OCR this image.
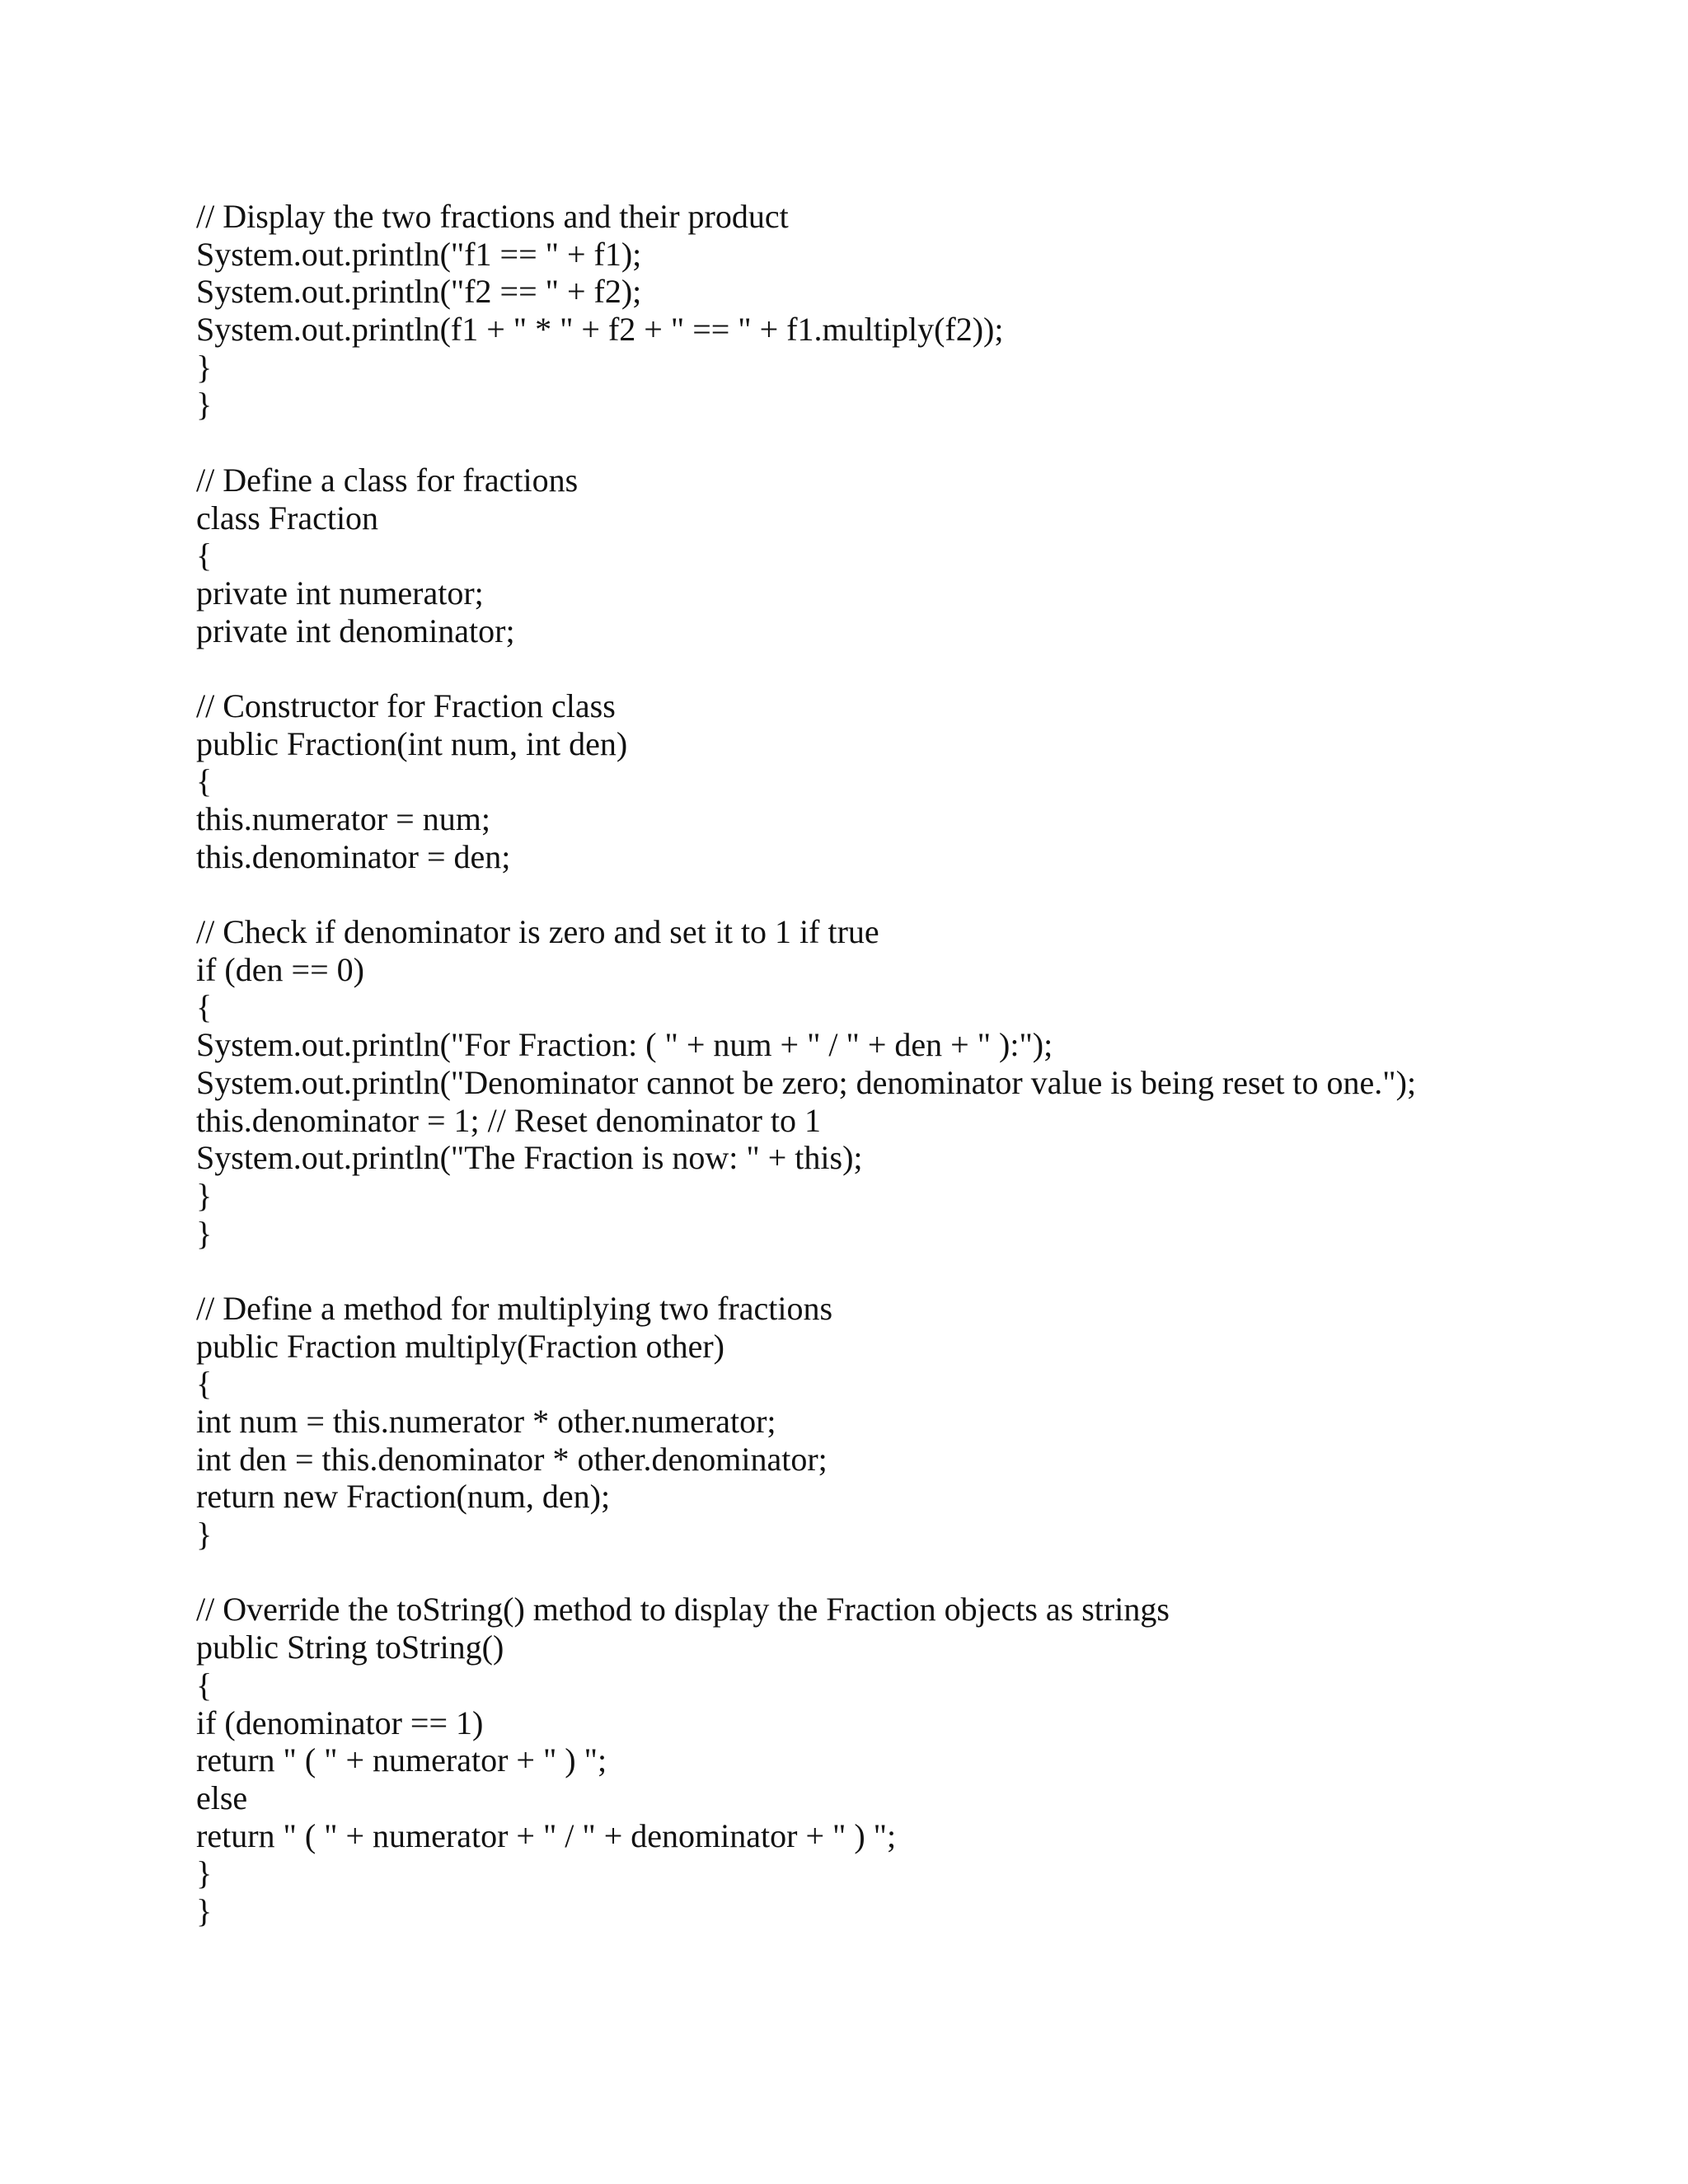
// Display the two fractions and their product
System.out.println("f1 == " + f1);
System.out.println("f2 == " + f2);
System.out.println(f1 + " * " + f2 + " == " + f1.multiply(f2));
}
}
// Define a class for fractions
class Fraction
{
private int numerator;
private int denominator;
// Constructor for Fraction class
public Fraction(int num, int den)
{
this.numerator = num;
this.denominator = den;
// Check if denominator is zero and set it to 1 if true
if (den == 0)
{
System.out.println("For Fraction: ( " + num + " / " + den + " ):");
System.out.println("Denominator cannot be zero; denominator value is being reset to one.");
this.denominator = 1; // Reset denominator to 1
System.out.println("The Fraction is now: " + this);
}
}
// Define a method for multiplying two fractions
public Fraction multiply(Fraction other)
{
int num = this.numerator * other.numerator;
int den = this.denominator * other.denominator;
return new Fraction(num, den);
}
// Override the toString() method to display the Fraction objects as strings
public String toString()
{
if (denominator == 1)
return " ( " + numerator + " ) ";
else
return " ( " + numerator + " / " + denominator + " ) ";
}
}
